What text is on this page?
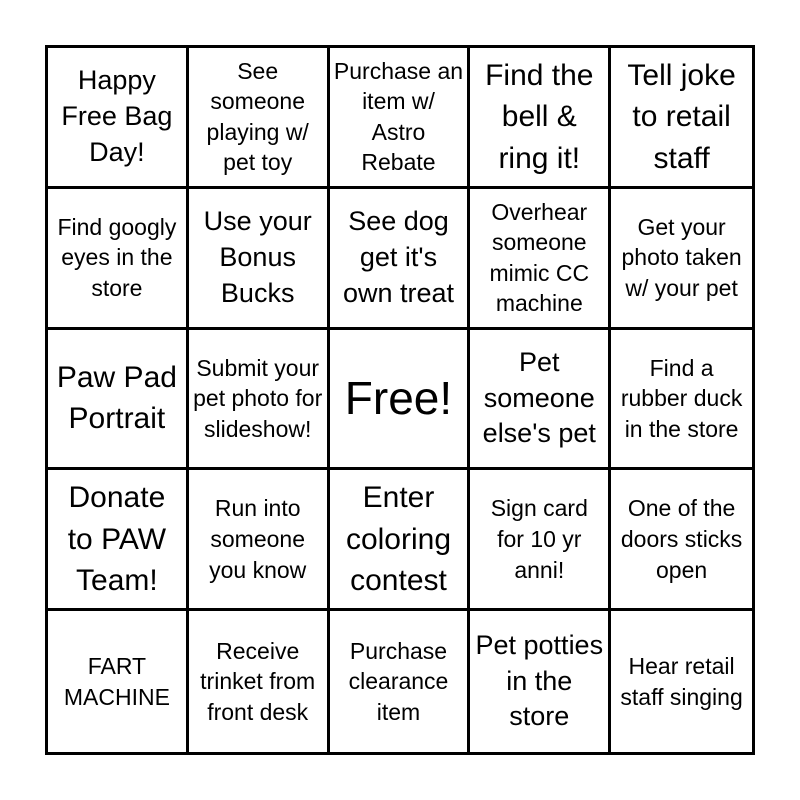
Happy Free Bag Day!
See someone playing w/ pet toy
Purchase an item w/ Astro Rebate
Find the bell & ring it!
Tell joke to retail staff
Find googly eyes in the store
Use your Bonus Bucks
See dog get it's own treat
Overhear someone mimic CC machine
Get your photo taken w/ your pet
Paw Pad Portrait
Submit your pet photo for slideshow!
Free!
Pet someone else's pet
Find a rubber duck in the store
Donate to PAW Team!
Run into someone you know
Enter coloring contest
Sign card for 10 yr anni!
One of the doors sticks open
FART MACHINE
Receive trinket from front desk
Purchase clearance item
Pet potties in the store
Hear retail staff singing
